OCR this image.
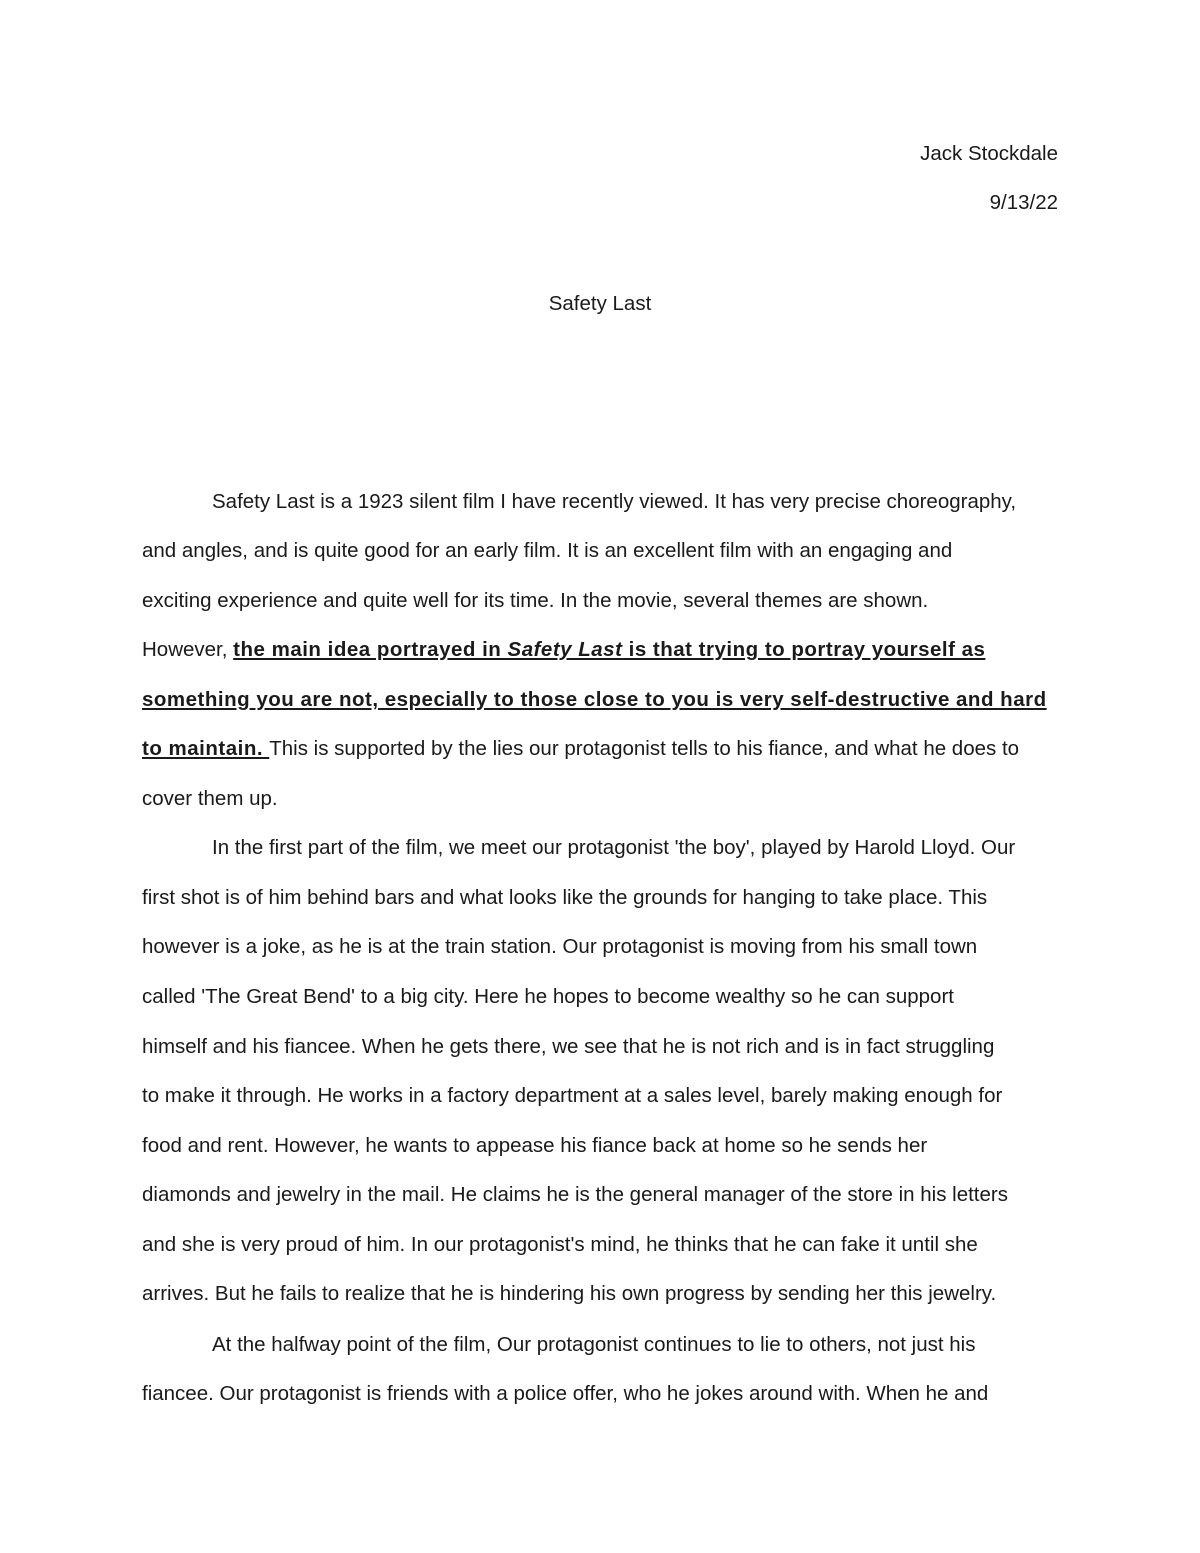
Jack Stockdale
9/13/22
Safety Last
Safety Last is a 1923 silent film I have recently viewed. It has very precise choreography,
and angles, and is quite good for an early film. It is an excellent film with an engaging and
exciting experience and quite well for its time. In the movie, several themes are shown.
However, the main idea portrayed in Safety Last is that trying to portray yourself as
something you are not, especially to those close to you is very self-destructive and hard
to maintain. This is supported by the lies our protagonist tells to his fiance, and what he does to
cover them up.
In the first part of the film, we meet our protagonist 'the boy', played by Harold Lloyd. Our
first shot is of him behind bars and what looks like the grounds for hanging to take place. This
however is a joke, as he is at the train station. Our protagonist is moving from his small town
called 'The Great Bend' to a big city. Here he hopes to become wealthy so he can support
himself and his fiancee. When he gets there, we see that he is not rich and is in fact struggling
to make it through. He works in a factory department at a sales level, barely making enough for
food and rent. However, he wants to appease his fiance back at home so he sends her
diamonds and jewelry in the mail. He claims he is the general manager of the store in his letters
and she is very proud of him. In our protagonist's mind, he thinks that he can fake it until she
arrives. But he fails to realize that he is hindering his own progress by sending her this jewelry.
At the halfway point of the film, Our protagonist continues to lie to others, not just his
fiancee. Our protagonist is friends with a police offer, who he jokes around with. When he and
